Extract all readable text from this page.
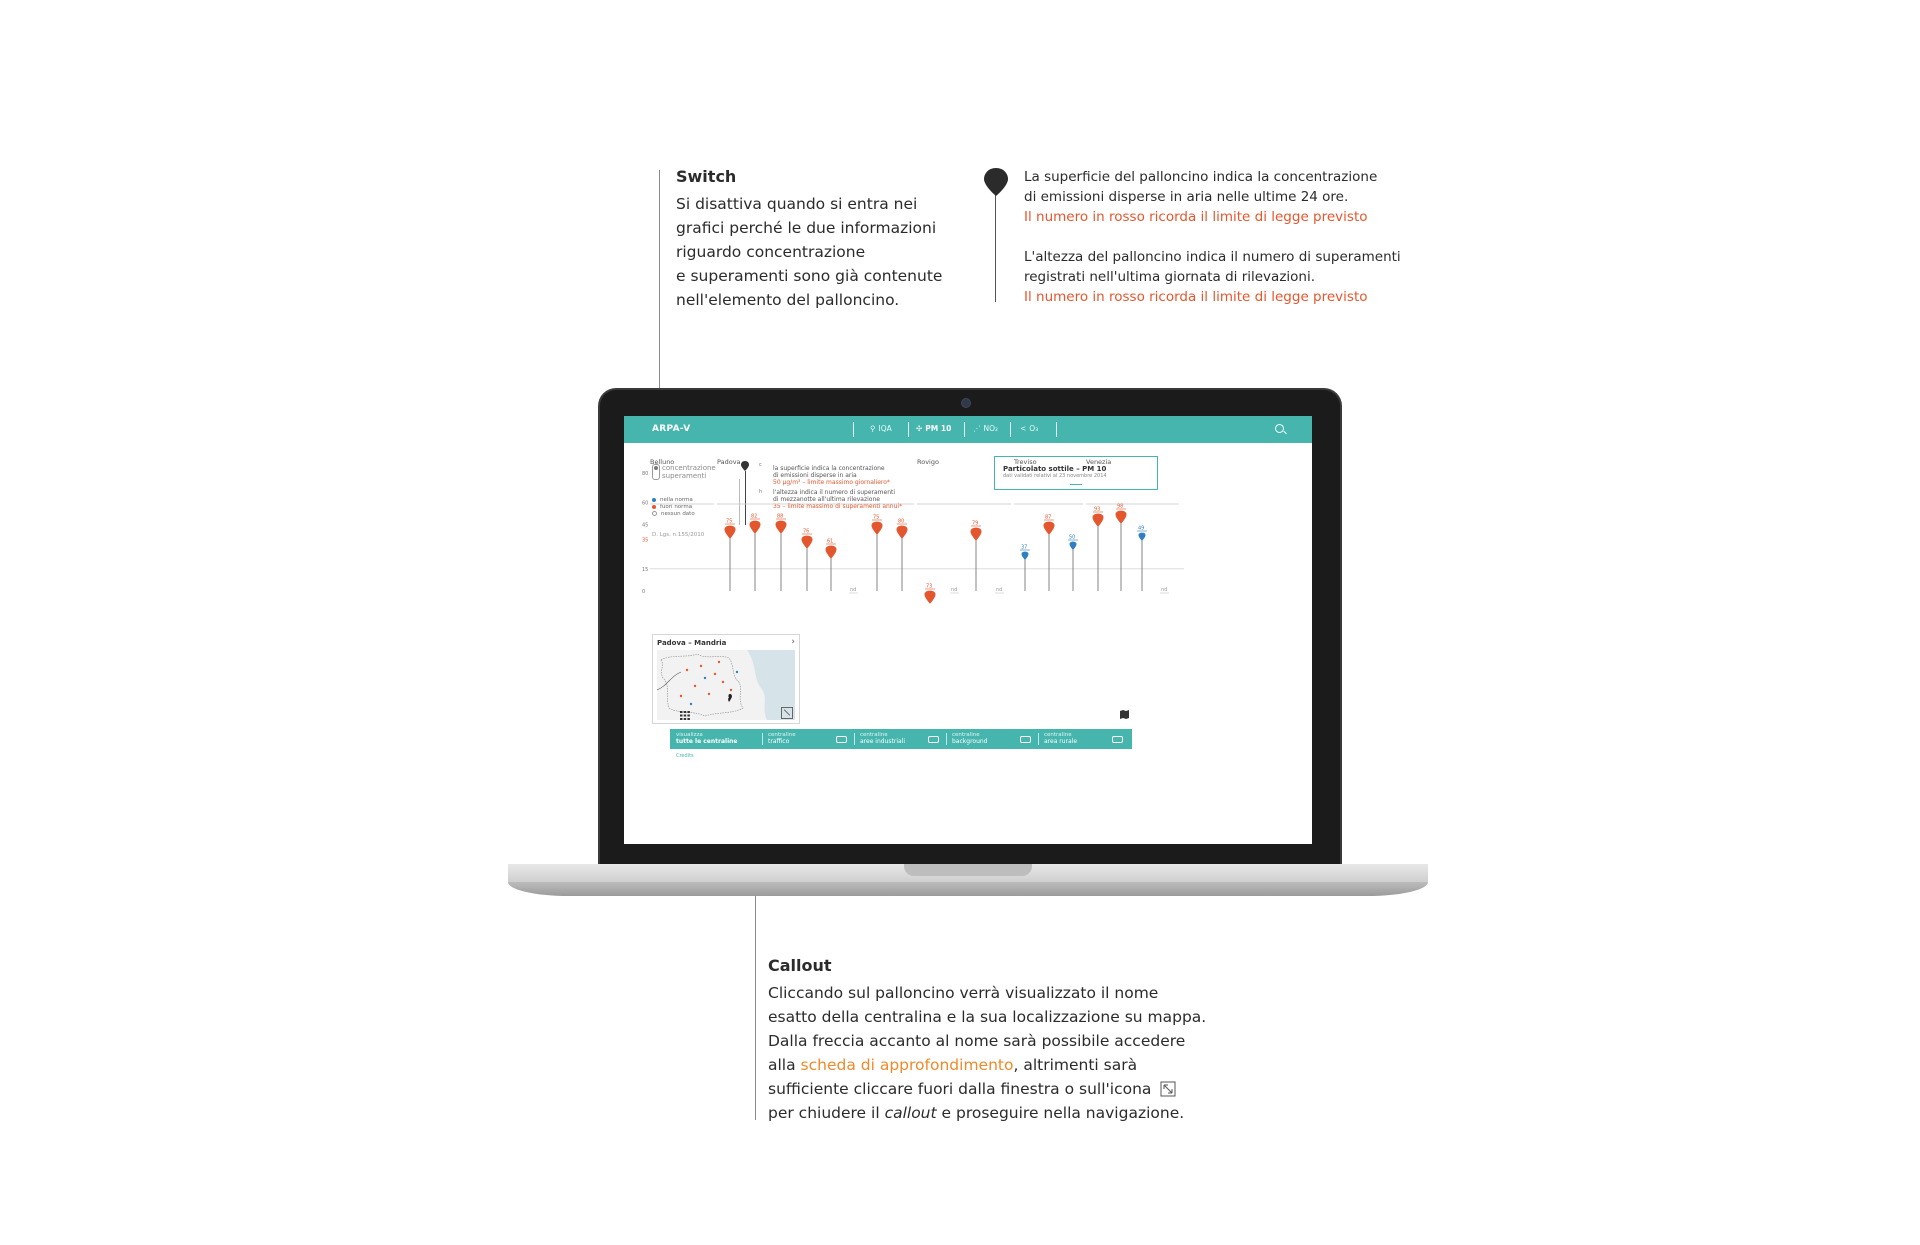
Switch

Si disattiva quando si entra nei

grafici perché le due informazioni

riguardo concentrazione

e superamenti sono già contenute

nell'elemento del palloncino.

La superficie del palloncino indica la concentrazione

di emissioni disperse in aria nelle ultime 24 ore.

Il numero in rosso ricorda il limite di legge previsto

L'altezza del palloncino indica il numero di superamenti

registrati nell'ultima giornata di rilevazioni.

Il numero in rosso ricorda il limite di legge previsto

Callout

Cliccando sul palloncino verrà visualizzato il nome

esatto della centralina e la sua localizzazione su mappa.

Dalla freccia accanto al nome sarà possibile accedere

alla scheda di approfondimento, altrimenti sarà

sufficiente cliccare fuori dalla finestra o sull'icona

per chiudere il callout e proseguire nella navigazione.

ARPA-V	⚲ IQA	✣ PM 10	⋰ NO₂	< O₃
concentrazione
superamenti
nella norma
fuori norma
nessun dato
D. Lgs. n.155/2010
c
h
la superficie indica la concentrazione
di emissioni disperse in aria
50 µg/m³ – limite massimo giornaliero*
l'altezza indica il numero di superamenti
di mezzanotte all'ultima rilevazione
35 – limite massimo di superamenti annui*
Particolato sottile – PM 10
dati validati relativi al 23 novembre 2014
Belluno	Padova	Rovigo	Treviso	Venezia
80
60
45
35
15
0
75
82	88
76
61
nd
75
80
73
nd
79
nd
37
87
50
93	98
49
nd
Padova – Mandria	›
visualizza
tutte le centraline
centraline
traffico
centraline
aree industriali
centraline
background
centraline
area rurale
Credits
